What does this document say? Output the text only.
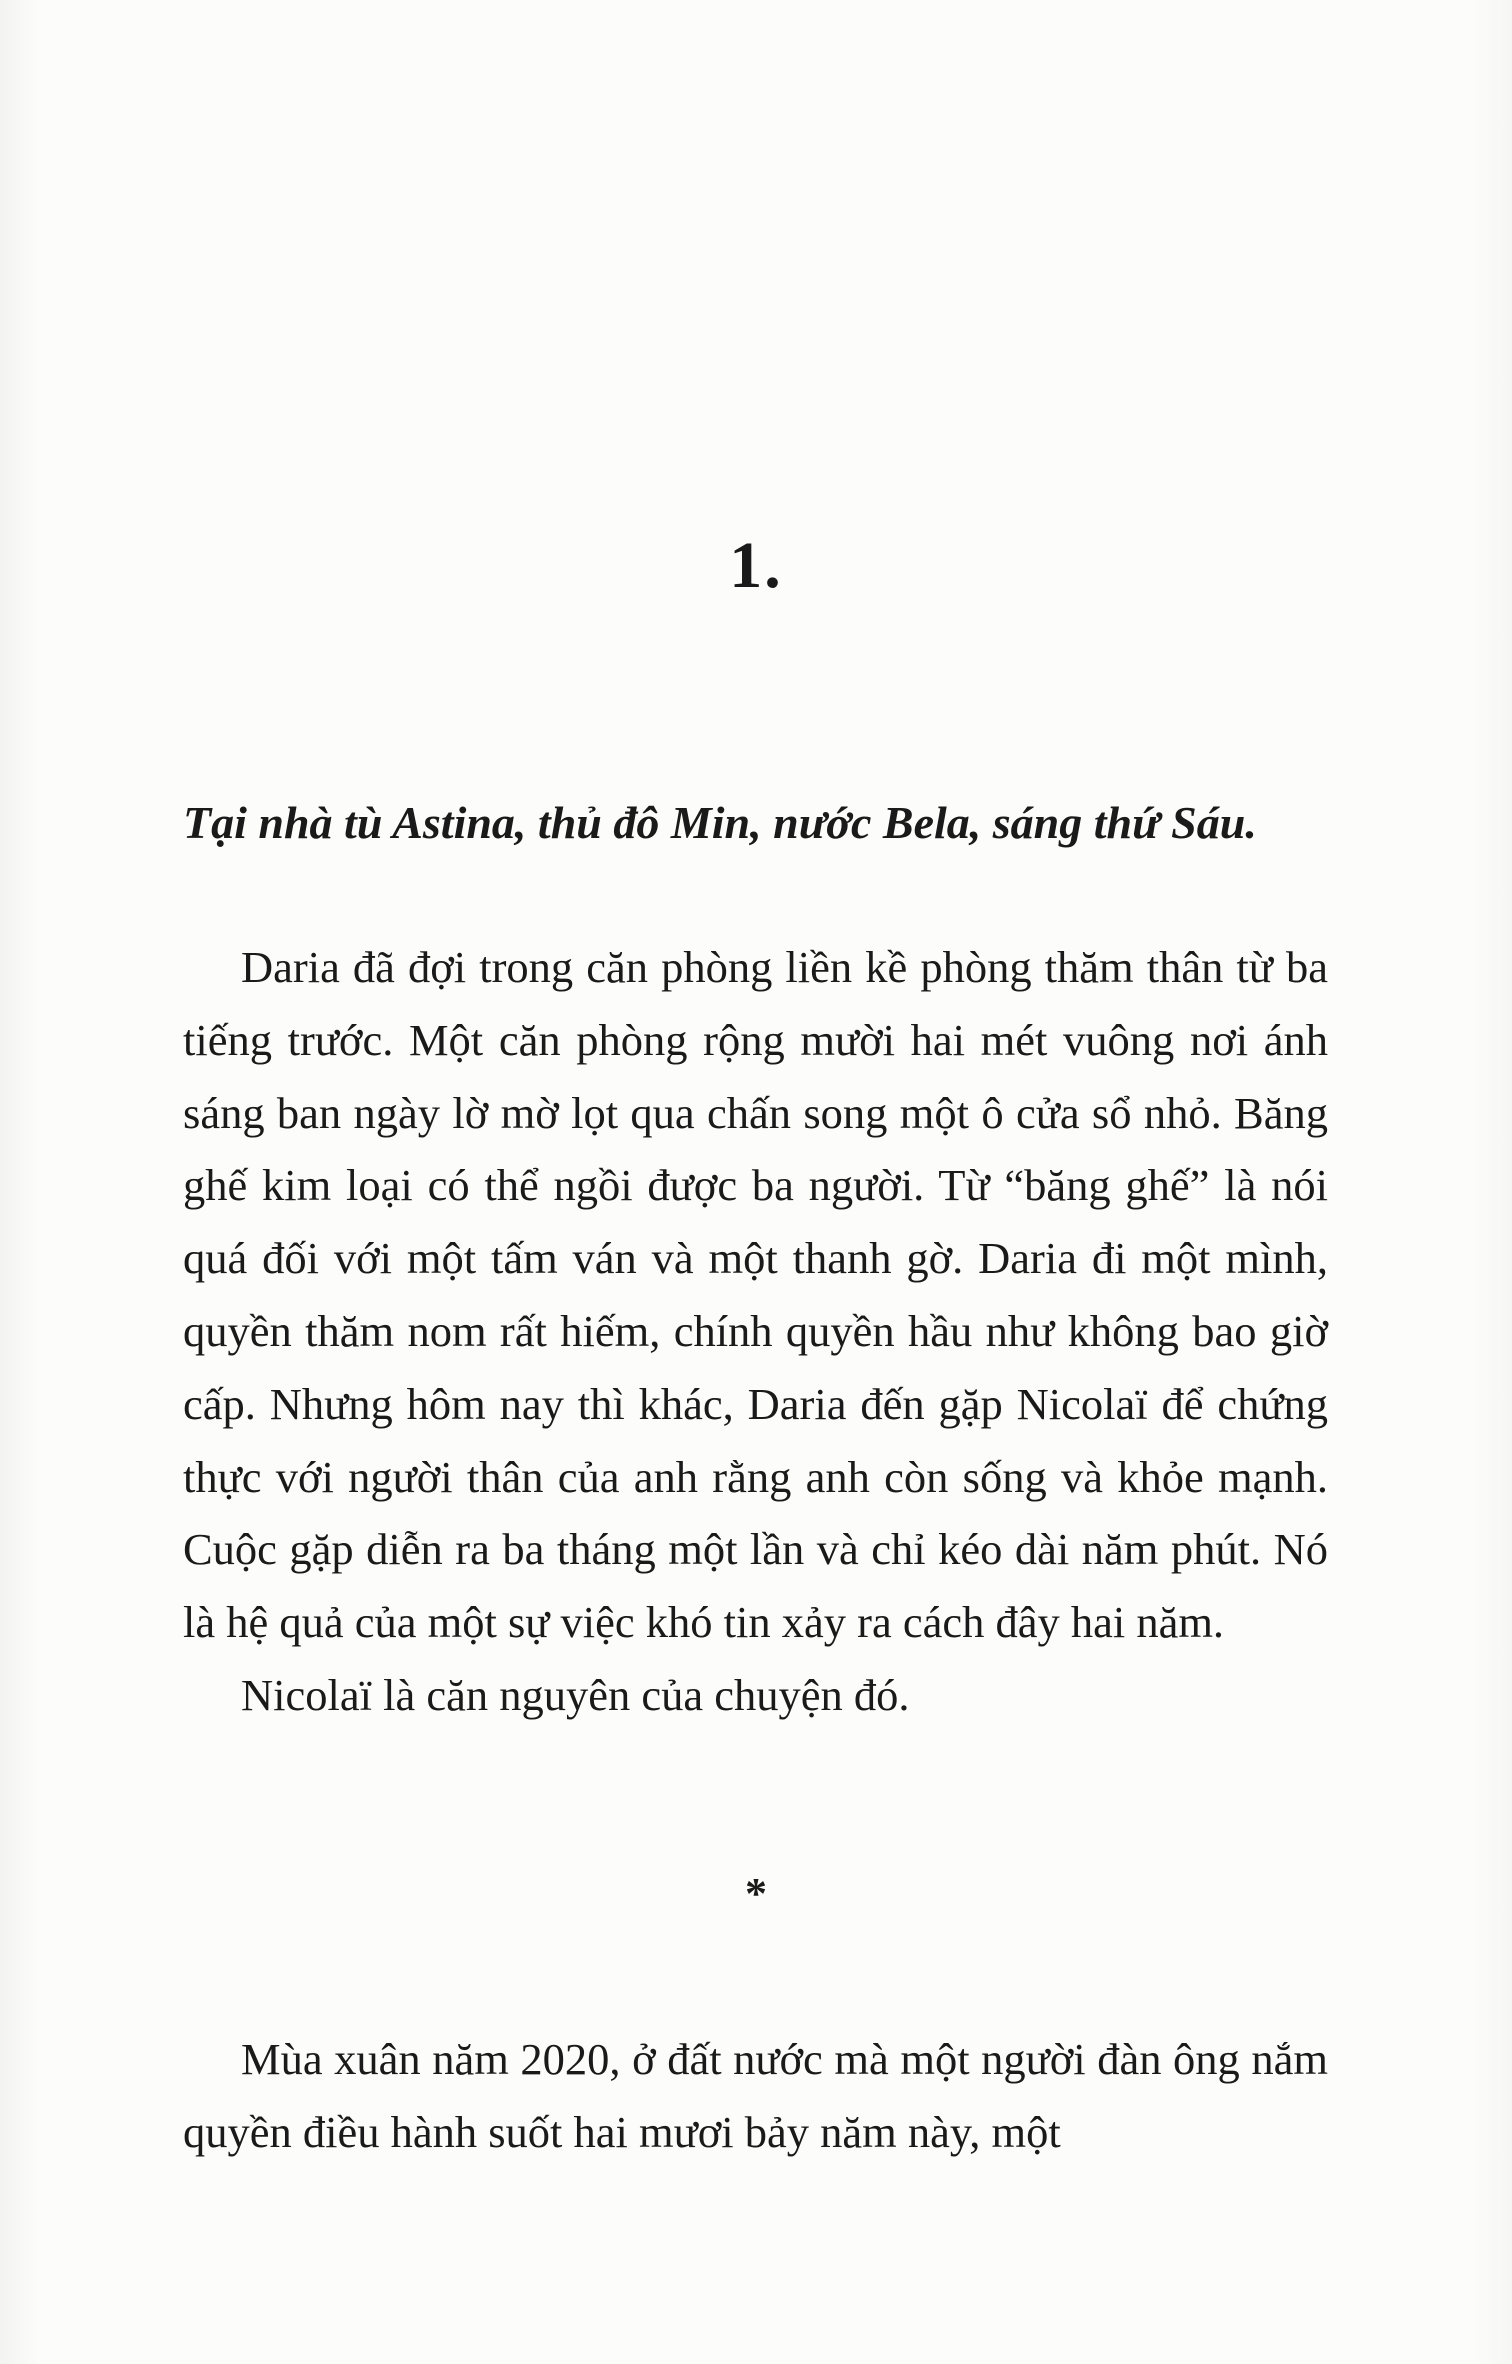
1.
Tại nhà tù Astina, thủ đô Min, nước Bela, sáng thứ Sáu.

Daria đã đợi trong căn phòng liền kề phòng thăm thân từ ba tiếng trước. Một căn phòng rộng mười hai mét vuông nơi ánh sáng ban ngày lờ mờ lọt qua chấn song một ô cửa sổ nhỏ. Băng ghế kim loại có thể ngồi được ba người. Từ “băng ghế” là nói quá đối với một tấm ván và một thanh gờ. Daria đi một mình, quyền thăm nom rất hiếm, chính quyền hầu như không bao giờ cấp. Nhưng hôm nay thì khác, Daria đến gặp Nicolaï để chứng thực với người thân của anh rằng anh còn sống và khỏe mạnh. Cuộc gặp diễn ra ba tháng một lần và chỉ kéo dài năm phút. Nó là hệ quả của một sự việc khó tin xảy ra cách đây hai năm.

Nicolaï là căn nguyên của chuyện đó.

*

Mùa xuân năm 2020, ở đất nước mà một người đàn ông nắm quyền điều hành suốt hai mươi bảy năm này, một
